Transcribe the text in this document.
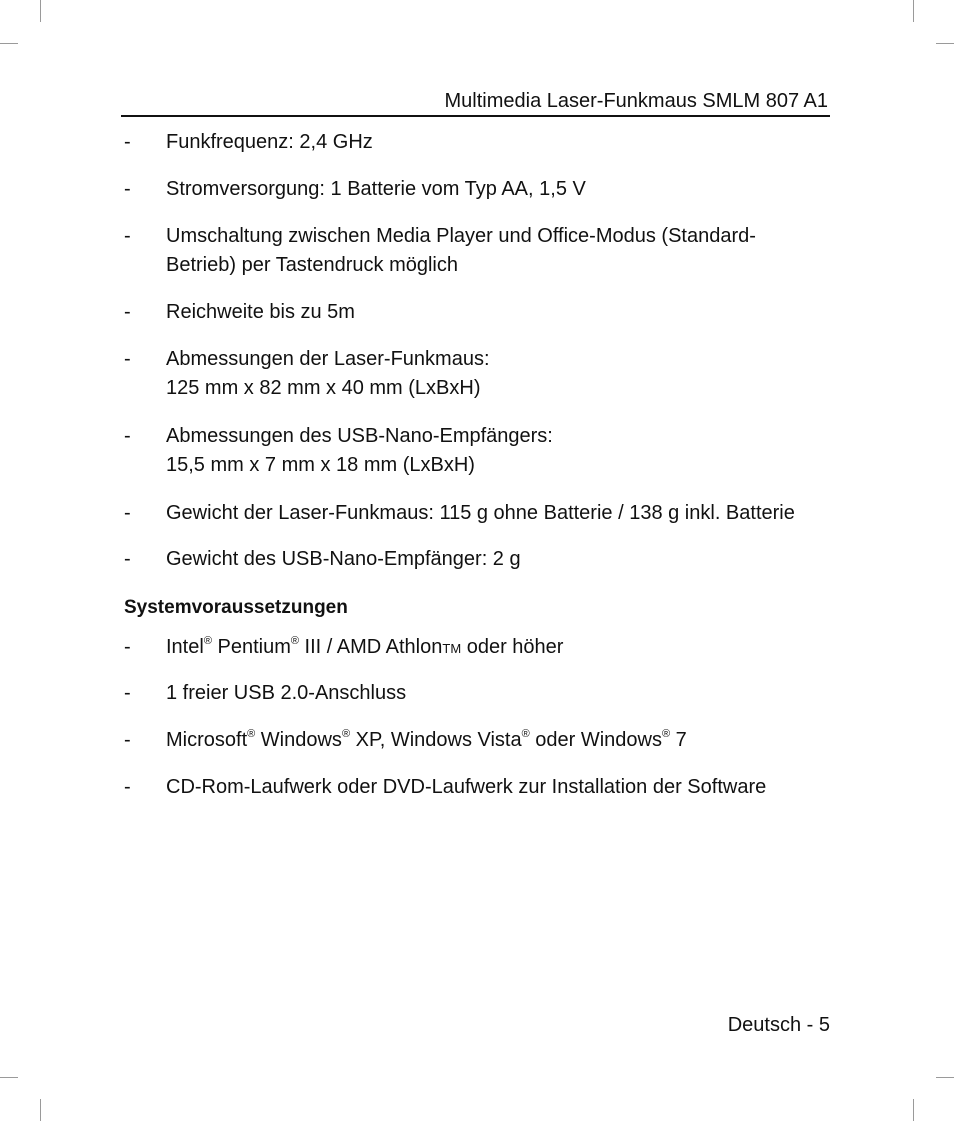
Multimedia Laser-Funkmaus SMLM 807 A1
- Funkfrequenz: 2,4 GHz
- Stromversorgung: 1 Batterie vom Typ AA, 1,5 V
- Umschaltung zwischen Media Player und Office-Modus (Standard-
Betrieb) per Tastendruck möglich
- Reichweite bis zu 5m
- Abmessungen der Laser-Funkmaus:
125 mm x 82 mm x 40 mm (LxBxH)
- Abmessungen des USB-Nano-Empfängers:
15,5 mm x 7 mm x 18 mm (LxBxH)
- Gewicht der Laser-Funkmaus: 115 g ohne Batterie / 138 g inkl. Batterie
- Gewicht des USB-Nano-Empfänger: 2 g
Systemvoraussetzungen
- Intel® Pentium® III / AMD AthlonTM oder höher
- 1 freier USB 2.0-Anschluss
- Microsoft® Windows® XP, Windows Vista® oder Windows® 7
- CD-Rom-Laufwerk oder DVD-Laufwerk zur Installation der Software
Deutsch - 5
